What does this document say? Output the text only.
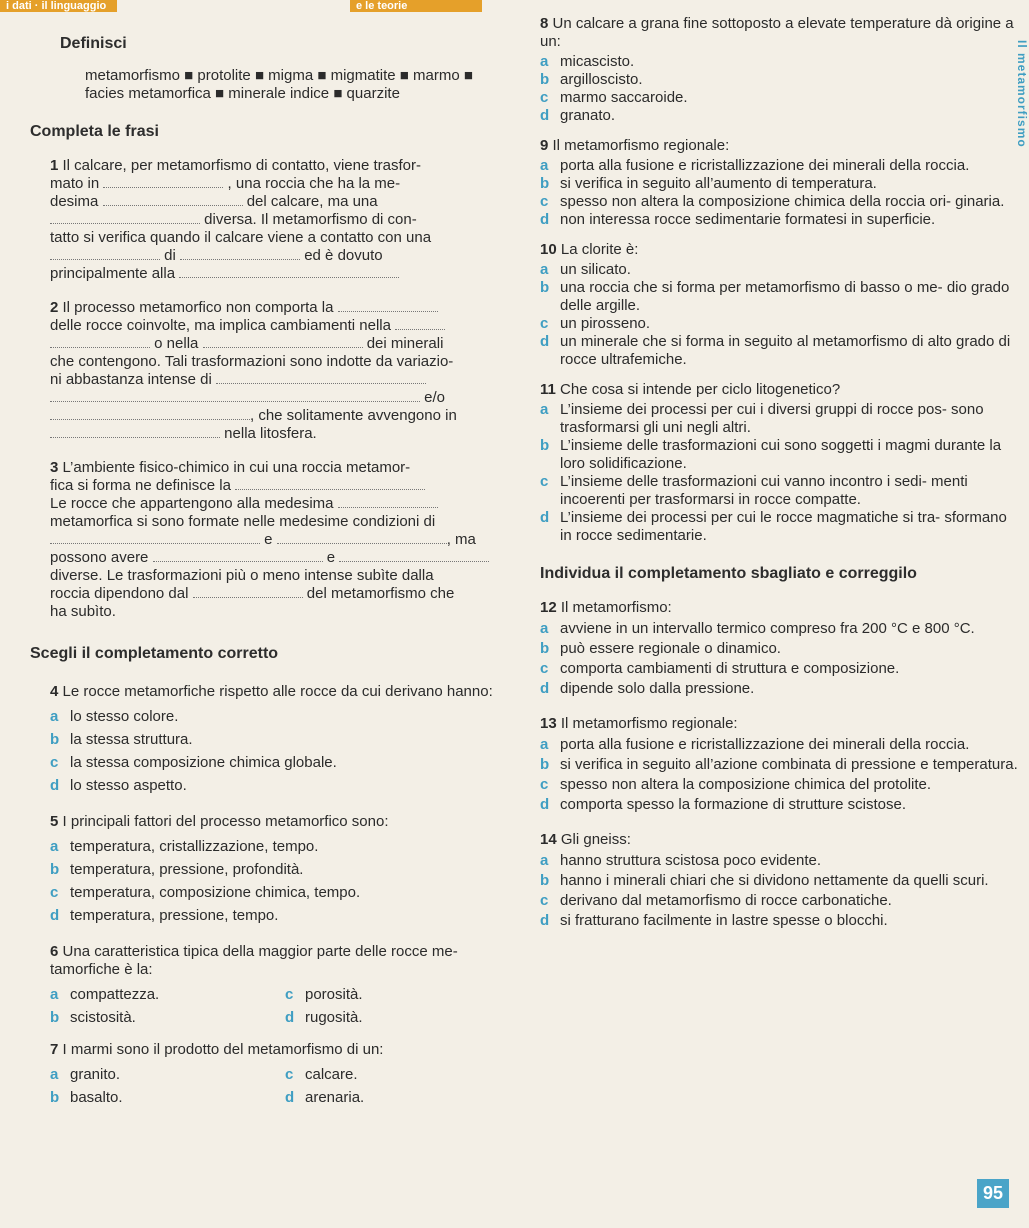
i dati · il linguaggio	e le teorie
Il metamorfismo

Definisci

metamorfismo ■ protolite ■ migma ■ migmatite ■ marmo ■ facies metamorfica ■ minerale indice ■ quarzite

Completa le frasi

1 Il calcare, per metamorfismo di contatto, viene trasfor-

mato in	, una roccia che ha la me-

desima	del calcare, ma una

diversa. Il metamorfismo di con-

tatto si verifica quando il calcare viene a contatto con una

di	ed è dovuto

principalmente alla

2 Il processo metamorfico non comporta la

delle rocce coinvolte, ma implica cambiamenti nella

o nella	dei minerali

che contengono. Tali trasformazioni sono indotte da variazio-

ni abbastanza intense di

e/o

, che solitamente avvengono in

nella litosfera.

3 L’ambiente fisico-chimico in cui una roccia metamor-

fica si forma ne definisce la

Le rocce che appartengono alla medesima

metamorfica si sono formate nelle medesime condizioni di

e	, ma

possono avere	e

diverse. Le trasformazioni più o meno intense subìte dalla

roccia dipendono dal	del metamorfismo che

ha subìto.

Scegli il completamento corretto

4 Le rocce metamorfiche rispetto alle rocce da cui derivano hanno:

a lo stesso colore.

b la stessa struttura.

c la stessa composizione chimica globale.

d lo stesso aspetto.

5 I principali fattori del processo metamorfico sono:

a temperatura, cristallizzazione, tempo.

b temperatura, pressione, profondità.

c temperatura, composizione chimica, tempo.

d temperatura, pressione, tempo.

6 Una caratteristica tipica della maggior parte delle rocce me-

tamorfiche è la:

a compattezza.

b scistosità.

c porosità.

d rugosità.

7 I marmi sono il prodotto del metamorfismo di un:

a granito.

b basalto.

c calcare.

d arenaria.

8 Un calcare a grana fine sottoposto a elevate temperature dà origine a un:

a micascisto.

b argilloscisto.

c marmo saccaroide.

d granato.

9 Il metamorfismo regionale:

a porta alla fusione e ricristallizzazione dei minerali della roccia.

b si verifica in seguito all’aumento di temperatura.

c spesso non altera la composizione chimica della roccia ori- ginaria.

d non interessa rocce sedimentarie formatesi in superficie.

10 La clorite è:

a un silicato.

b una roccia che si forma per metamorfismo di basso o me- dio grado delle argille.

c un pirosseno.

d un minerale che si forma in seguito al metamorfismo di alto grado di rocce ultrafemiche.

11 Che cosa si intende per ciclo litogenetico?

a L’insieme dei processi per cui i diversi gruppi di rocce pos- sono trasformarsi gli uni negli altri.

b L’insieme delle trasformazioni cui sono soggetti i magmi durante la loro solidificazione.

c L’insieme delle trasformazioni cui vanno incontro i sedi- menti incoerenti per trasformarsi in rocce compatte.

d L’insieme dei processi per cui le rocce magmatiche si tra- sformano in rocce sedimentarie.

Individua il completamento sbagliato e correggilo

12 Il metamorfismo:

a avviene in un intervallo termico compreso fra 200 °C e 800 °C.

b può essere regionale o dinamico.

c comporta cambiamenti di struttura e composizione.

d dipende solo dalla pressione.

13 Il metamorfismo regionale:

a porta alla fusione e ricristallizzazione dei minerali della roccia.

b si verifica in seguito all’azione combinata di pressione e temperatura.

c spesso non altera la composizione chimica del protolite.

d comporta spesso la formazione di strutture scistose.

14 Gli gneiss:

a hanno struttura scistosa poco evidente.

b hanno i minerali chiari che si dividono nettamente da quelli scuri.

c derivano dal metamorfismo di rocce carbonatiche.

d si fratturano facilmente in lastre spesse o blocchi.

95
